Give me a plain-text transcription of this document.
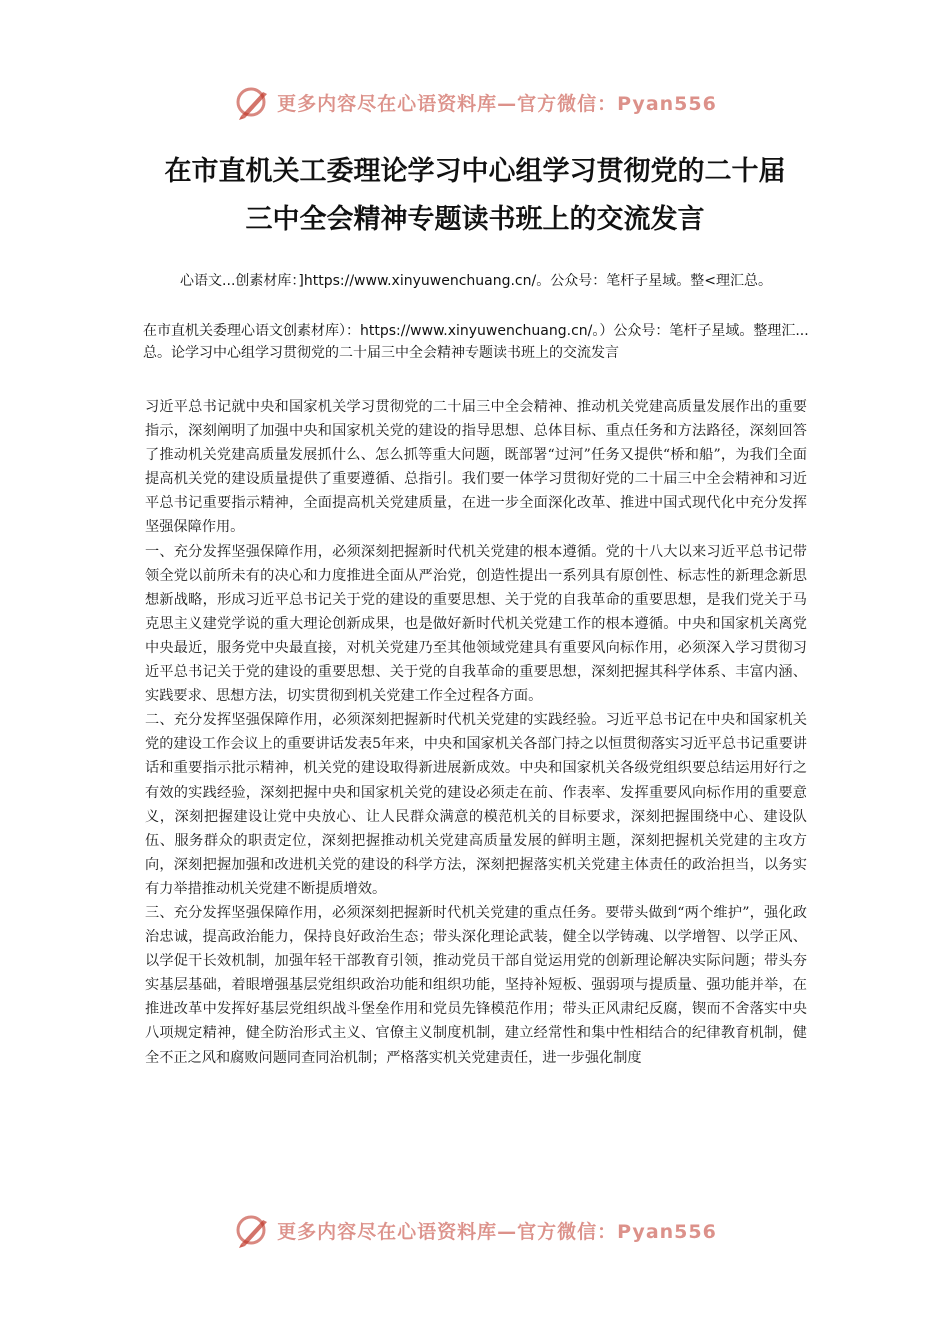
更多内容尽在心语资料库—官方微信：Pyan556
在市直机关工委理论学习中心组学习贯彻党的二十届
三中全会精神专题读书班上的交流发言
心语文...创素材库：]https://www.xinyuwenchuang.cn/。公众号：笔杆子星域。整<理汇总。
在市直机关委理心语文创素材库）：https://www.xinyuwenchuang.cn/。）公众号：笔杆子星域。整理汇...总。论学习中心组学习贯彻党的二十届三中全会精神专题读书班上的交流发言

习近平总书记就中央和国家机关学习贯彻党的二十届三中全会精神、推动机关党建高质量发展作出的重要指示，深刻阐明了加强中央和国家机关党的建设的指导思想、总体目标、重点任务和方法路径，深刻回答了推动机关党建高质量发展抓什么、怎么抓等重大问题，既部署“过河”任务又提供“桥和船”，为我们全面提高机关党的建设质量提供了重要遵循、总指引。我们要一体学习贯彻好党的二十届三中全会精神和习近平总书记重要指示精神，全面提高机关党建质量，在进一步全面深化改革、推进中国式现代化中充分发挥坚强保障作用。

一、充分发挥坚强保障作用，必须深刻把握新时代机关党建的根本遵循。党的十八大以来习近平总书记带领全党以前所未有的决心和力度推进全面从严治党，创造性提出一系列具有原创性、标志性的新理念新思想新战略，形成习近平总书记关于党的建设的重要思想、关于党的自我革命的重要思想，是我们党关于马克思主义建党学说的重大理论创新成果，也是做好新时代机关党建工作的根本遵循。中央和国家机关离党中央最近，服务党中央最直接，对机关党建乃至其他领域党建具有重要风向标作用，必须深入学习贯彻习近平总书记关于党的建设的重要思想、关于党的自我革命的重要思想，深刻把握其科学体系、丰富内涵、实践要求、思想方法，切实贯彻到机关党建工作全过程各方面。

二、充分发挥坚强保障作用，必须深刻把握新时代机关党建的实践经验。习近平总书记在中央和国家机关党的建设工作会议上的重要讲话发表5年来，中央和国家机关各部门持之以恒贯彻落实习近平总书记重要讲话和重要指示批示精神，机关党的建设取得新进展新成效。中央和国家机关各级党组织要总结运用好行之有效的实践经验，深刻把握中央和国家机关党的建设必须走在前、作表率、发挥重要风向标作用的重要意义，深刻把握建设让党中央放心、让人民群众满意的模范机关的目标要求，深刻把握围绕中心、建设队伍、服务群众的职责定位，深刻把握推动机关党建高质量发展的鲜明主题，深刻把握机关党建的主攻方向，深刻把握加强和改进机关党的建设的科学方法，深刻把握落实机关党建主体责任的政治担当，以务实有力举措推动机关党建不断提质增效。

三、充分发挥坚强保障作用，必须深刻把握新时代机关党建的重点任务。要带头做到“两个维护”，强化政治忠诚，提高政治能力，保持良好政治生态；带头深化理论武装，健全以学铸魂、以学增智、以学正风、以学促干长效机制，加强年轻干部教育引领，推动党员干部自觉运用党的创新理论解决实际问题；带头夯实基层基础，着眼增强基层党组织政治功能和组织功能，坚持补短板、强弱项与提质量、强功能并举，在推进改革中发挥好基层党组织战斗堡垒作用和党员先锋模范作用；带头正风肃纪反腐，锲而不舍落实中央八项规定精神，健全防治形式主义、官僚主义制度机制，建立经常性和集中性相结合的纪律教育机制，健全不正之风和腐败问题同查同治机制；严格落实机关党建责任，进一步强化制度

更多内容尽在心语资料库—官方微信：Pyan556
